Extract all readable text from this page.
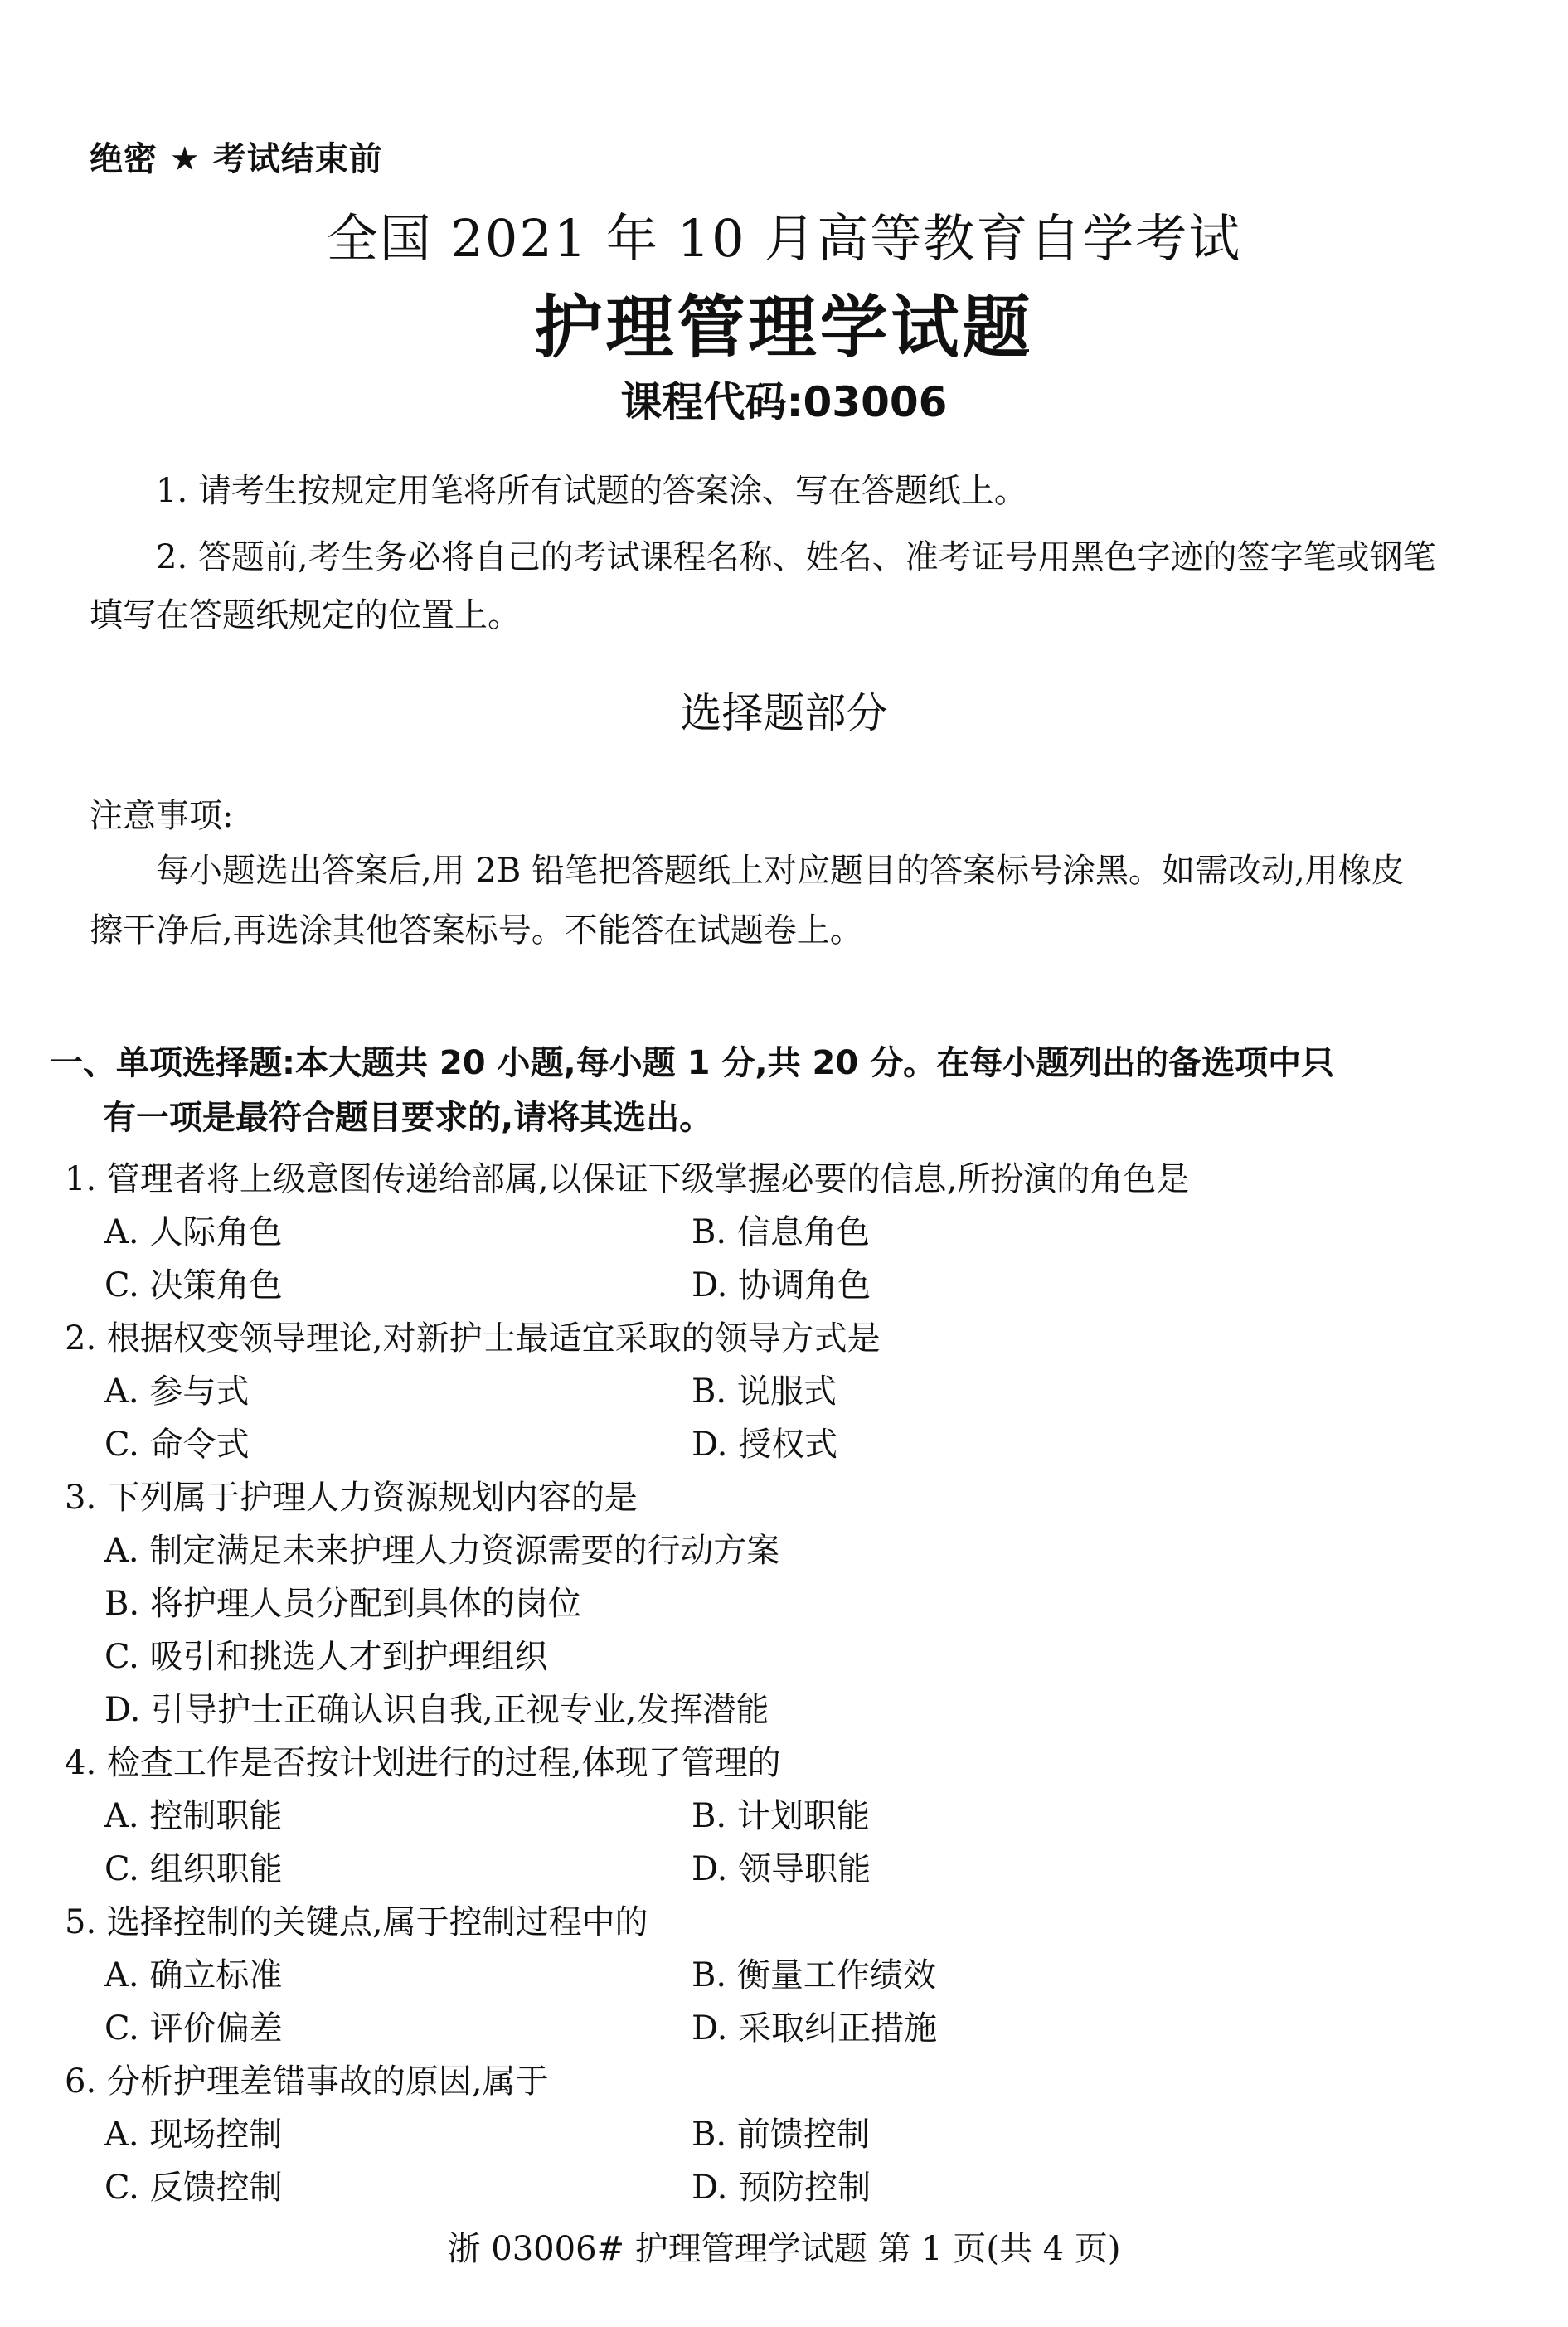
绝密 ★ 考试结束前
全国 2021 年 10 月高等教育自学考试
护理管理学试题
课程代码:03006
1. 请考生按规定用笔将所有试题的答案涂、写在答题纸上。
2. 答题前,考生务必将自己的考试课程名称、姓名、准考证号用黑色字迹的签字笔或钢笔
填写在答题纸规定的位置上。
选择题部分
注意事项:
每小题选出答案后,用 2B 铅笔把答题纸上对应题目的答案标号涂黑。如需改动,用橡皮
擦干净后,再选涂其他答案标号。不能答在试题卷上。
一、单项选择题:本大题共 20 小题,每小题 1 分,共 20 分。在每小题列出的备选项中只
有一项是最符合题目要求的,请将其选出。
1. 管理者将上级意图传递给部属,以保证下级掌握必要的信息,所扮演的角色是
A. 人际角色	B. 信息角色
C. 决策角色	D. 协调角色
2. 根据权变领导理论,对新护士最适宜采取的领导方式是
A. 参与式	B. 说服式
C. 命令式	D. 授权式
3. 下列属于护理人力资源规划内容的是
A. 制定满足未来护理人力资源需要的行动方案
B. 将护理人员分配到具体的岗位
C. 吸引和挑选人才到护理组织
D. 引导护士正确认识自我,正视专业,发挥潜能
4. 检查工作是否按计划进行的过程,体现了管理的
A. 控制职能	B. 计划职能
C. 组织职能	D. 领导职能
5. 选择控制的关键点,属于控制过程中的
A. 确立标准	B. 衡量工作绩效
C. 评价偏差	D. 采取纠正措施
6. 分析护理差错事故的原因,属于
A. 现场控制	B. 前馈控制
C. 反馈控制	D. 预防控制
浙 03006# 护理管理学试题 第 1 页(共 4 页)
